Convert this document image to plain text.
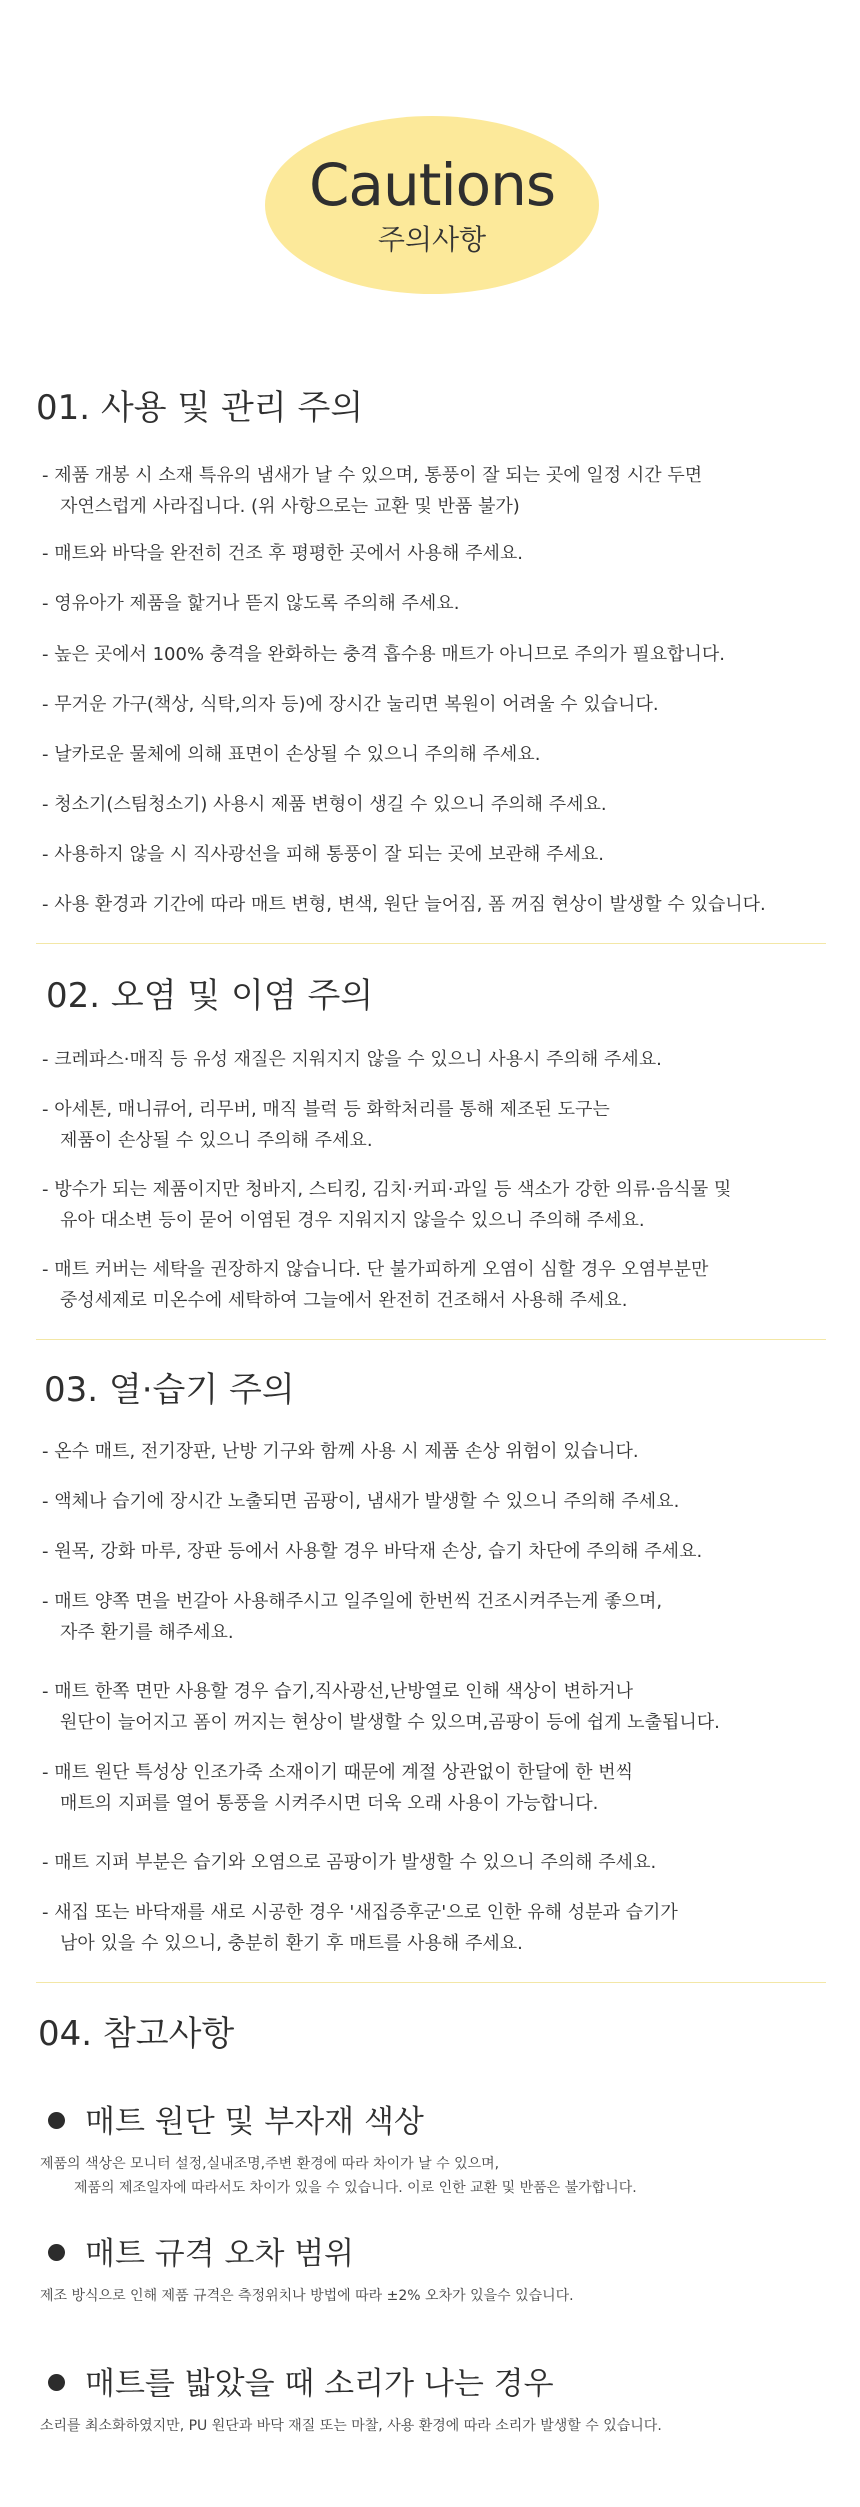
Cautions
주의사항
01. 사용 및 관리 주의
- 제품 개봉 시 소재 특유의 냄새가 날 수 있으며, 통풍이 잘 되는 곳에 일정 시간 두면
자연스럽게 사라집니다. (위 사항으로는 교환 및 반품 불가)
- 매트와 바닥을 완전히 건조 후 평평한 곳에서 사용해 주세요.
- 영유아가 제품을 핥거나 뜯지 않도록 주의해 주세요.
- 높은 곳에서 100% 충격을 완화하는 충격 흡수용 매트가 아니므로 주의가 필요합니다.
- 무거운 가구(책상, 식탁,의자 등)에 장시간 눌리면 복원이 어려울 수 있습니다.
- 날카로운 물체에 의해 표면이 손상될 수 있으니 주의해 주세요.
- 청소기(스팀청소기) 사용시 제품 변형이 생길 수 있으니 주의해 주세요.
- 사용하지 않을 시 직사광선을 피해 통풍이 잘 되는 곳에 보관해 주세요.
- 사용 환경과 기간에 따라 매트 변형, 변색, 원단 늘어짐, 폼 꺼짐 현상이 발생할 수 있습니다.
02. 오염 및 이염 주의
- 크레파스·매직 등 유성 재질은 지워지지 않을 수 있으니 사용시 주의해 주세요.
- 아세톤, 매니큐어, 리무버, 매직 블럭 등 화학처리를 통해 제조된 도구는
제품이 손상될 수 있으니 주의해 주세요.
- 방수가 되는 제품이지만 청바지, 스티킹, 김치·커피·과일 등 색소가 강한 의류·음식물 및
유아 대소변 등이 묻어 이염된 경우 지워지지 않을수 있으니 주의해 주세요.
- 매트 커버는 세탁을 권장하지 않습니다. 단 불가피하게 오염이 심할 경우 오염부분만
중성세제로 미온수에 세탁하여 그늘에서 완전히 건조해서 사용해 주세요.
03. 열·습기 주의
- 온수 매트, 전기장판, 난방 기구와 함께 사용 시 제품 손상 위험이 있습니다.
- 액체나 습기에 장시간 노출되면 곰팡이, 냄새가 발생할 수 있으니 주의해 주세요.
- 원목, 강화 마루, 장판 등에서 사용할 경우 바닥재 손상, 습기 차단에 주의해 주세요.
- 매트 양쪽 면을 번갈아 사용해주시고 일주일에 한번씩 건조시켜주는게 좋으며,
자주 환기를 해주세요.
- 매트 한쪽 면만 사용할 경우 습기,직사광선,난방열로 인해 색상이 변하거나
원단이 늘어지고 폼이 꺼지는 현상이 발생할 수 있으며,곰팡이 등에 쉽게 노출됩니다.
- 매트 원단 특성상 인조가죽 소재이기 때문에 계절 상관없이 한달에 한 번씩
매트의 지퍼를 열어 통풍을 시켜주시면 더욱 오래 사용이 가능합니다.
- 매트 지퍼 부분은 습기와 오염으로 곰팡이가 발생할 수 있으니 주의해 주세요.
- 새집 또는 바닥재를 새로 시공한 경우 '새집증후군'으로 인한 유해 성분과 습기가
남아 있을 수 있으니, 충분히 환기 후 매트를 사용해 주세요.
04. 참고사항
매트 원단 및 부자재 색상
제품의 색상은 모니터 설정,실내조명,주변 환경에 따라 차이가 날 수 있으며,
제품의 제조일자에 따라서도 차이가 있을 수 있습니다. 이로 인한 교환 및 반품은 불가합니다.
매트 규격 오차 범위
제조 방식으로 인해 제품 규격은 측정위치나 방법에 따라 ±2% 오차가 있을수 있습니다.
매트를 밟았을 때 소리가 나는 경우
소리를 최소화하였지만, PU 원단과 바닥 재질 또는 마찰, 사용 환경에 따라 소리가 발생할 수 있습니다.
